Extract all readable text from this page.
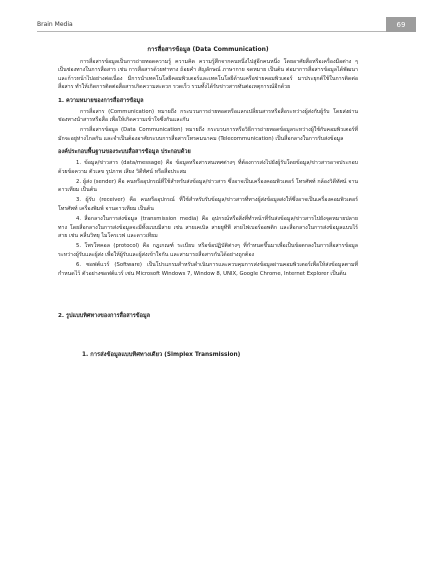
Brain Media	69
การสื่อสารข้อมูล (Data Communication)

การสื่อสารข้อมูลเป็นการถ่ายทอดความรู้ ความคิด ความรู้สึกจากคนหนึ่งไปสู่อีกคนหนึ่ง โดยอาศัยสื่อหรือเครื่องมือต่าง ๆ เป็นช่องทางในการสื่อสาร เช่น การสื่อสารด้วยท่าทาง ถ้อยคำ สัญลักษณ์ ภาษากาย จดหมาย เป็นต้น ต่อมาการสื่อสารข้อมูลได้พัฒนาและก้าวหน้าไปอย่างต่อเนื่อง มีการนำเทคโนโลยีคอมพิวเตอร์และเทคโนโลยีด้านเครือข่ายคอมพิวเตอร์ มาประยุกต์ใช้ในการติดต่อสื่อสาร ทำให้เกิดการติดต่อสื่อสารเกิดความสะดวก รวดเร็ว รวมทั้งได้รับข่าวสารทันต่อเหตุการณ์อีกด้วย

1. ความหมายของการสื่อสารข้อมูล

การสื่อสาร (Communication) หมายถึง กระบวนการถ่ายทอดหรือแลกเปลี่ยนสารหรือสื่อระหว่างผู้ส่งกับผู้รับ โดยส่งผ่านช่องทางนำสารหรือสื่อ เพื่อให้เกิดความเข้าใจซึ่งกันและกัน

การสื่อสารข้อมูล (Data Communication) หมายถึง กระบวนการหรือวิธีการถ่ายทอดข้อมูลระหว่างผู้ใช้กับคอมพิวเตอร์ที่มักจะอยู่ห่างไกลกัน และจำเป็นต้องอาศัยระบบการสื่อสารโทรคมนาคม (Telecommunication) เป็นสื่อกลางในการรับส่งข้อมูล

องค์ประกอบพื้นฐานของระบบสื่อสารข้อมูล ประกอบด้วย

1. ข้อมูล/ข่าวสาร (data/message) คือ ข้อมูลหรือสารสนเทศต่างๆ ที่ต้องการส่งไปยังผู้รับโดยข้อมูล/ข่าวสารอาจประกอบด้วยข้อความ ตัวเลข รูปภาพ เสียง วิดีทัศน์ หรือสื่อประสม

2. ผู้ส่ง (sender) คือ คนหรืออุปกรณ์ที่ใช้สำหรับส่งข้อมูล/ข่าวสาร ซึ่งอาจเป็นเครื่องคอมพิวเตอร์ โทรศัพท์ กล้องวิดีทัศน์ จานดาวเทียม เป็นต้น

3. ผู้รับ (receiver) คือ คนหรืออุปกรณ์ ที่ใช้สำหรับรับข้อมูล/ข่าวสารที่ทางผู้ส่งข้อมูลส่งให้ซึ่งอาจเป็นเครื่องคอมพิวเตอร์ โทรศัพท์ เครื่องพิมพ์ จานดาวเทียม เป็นต้น

4. สื่อกลางในการส่งข้อมูล (transmission media) คือ อุปกรณ์หรือสิ่งที่ทำหน้าที่รับส่งข้อมูล/ข่าวสารไปยังจุดหมายปลายทาง โดยสื่อกลางในการส่งข้อมูลจะมีทั้งแบบมีสาย เช่น สายเคเบิล สายยูทีพี สายไฟเบอร์ออพติก และสื่อกลางในการส่งข้อมูลแบบไร้สาย เช่น คลื่นวิทยุ ไมโครเวฟ และดาวเทียม

5. โพรโทคอล (protocol) คือ กฎเกณฑ์ ระเบียบ หรือข้อปฏิบัติต่างๆ ที่กำหนดขึ้นมาเพื่อเป็นข้อตกลงในการสื่อสารข้อมูลระหว่างผู้รับและผู้ส่ง เพื่อให้ผู้รับและผู้ส่งเข้าใจกัน และสามารถสื่อสารกันได้อย่างถูกต้อง

6. ซอฟต์แวร์ (Software) เป็นโปรแกรมสำหรับดำเนินการและควบคุมการส่งข้อมูลผ่านคอมพิวเตอร์เพื่อให้ส่งข้อมูลตามที่กำหนดไว้ ตัวอย่างซอฟต์แวร์ เช่น Microsoft Windows 7, Window 8, UNIX, Google Chrome, Internet Explorer เป็นต้น

2. รูปแบบทิศทางของการสื่อสารข้อมูล
1. การส่งข้อมูลแบบทิศทางเดียว (Simplex Transmission)
